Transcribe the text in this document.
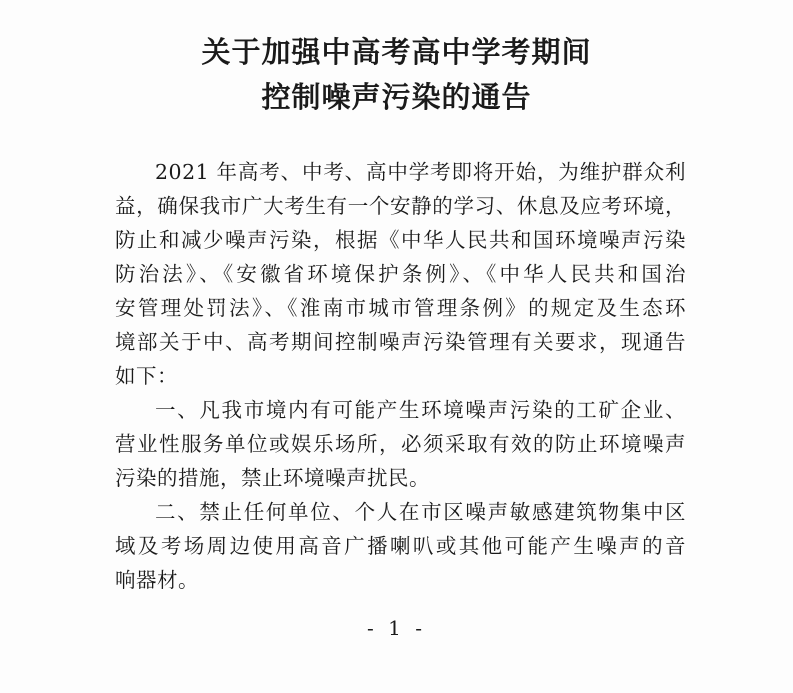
关于加强中高考高中学考期间
控制噪声污染的通告
2021 年高考、中考、高中学考即将开始，为维护群众利
益，确保我市广大考生有一个安静的学习、休息及应考环境，
防止和减少噪声污染，根据《中华人民共和国环境噪声污染
防治法》、《安徽省环境保护条例》、《中华人民共和国治
安管理处罚法》、《淮南市城市管理条例》的规定及生态环
境部关于中、高考期间控制噪声污染管理有关要求，现通告
如下：
一、凡我市境内有可能产生环境噪声污染的工矿企业、
营业性服务单位或娱乐场所，必须采取有效的防止环境噪声
污染的措施，禁止环境噪声扰民。
二、禁止任何单位、个人在市区噪声敏感建筑物集中区
域及考场周边使用高音广播喇叭或其他可能产生噪声的音
响器材。
- 1 -
